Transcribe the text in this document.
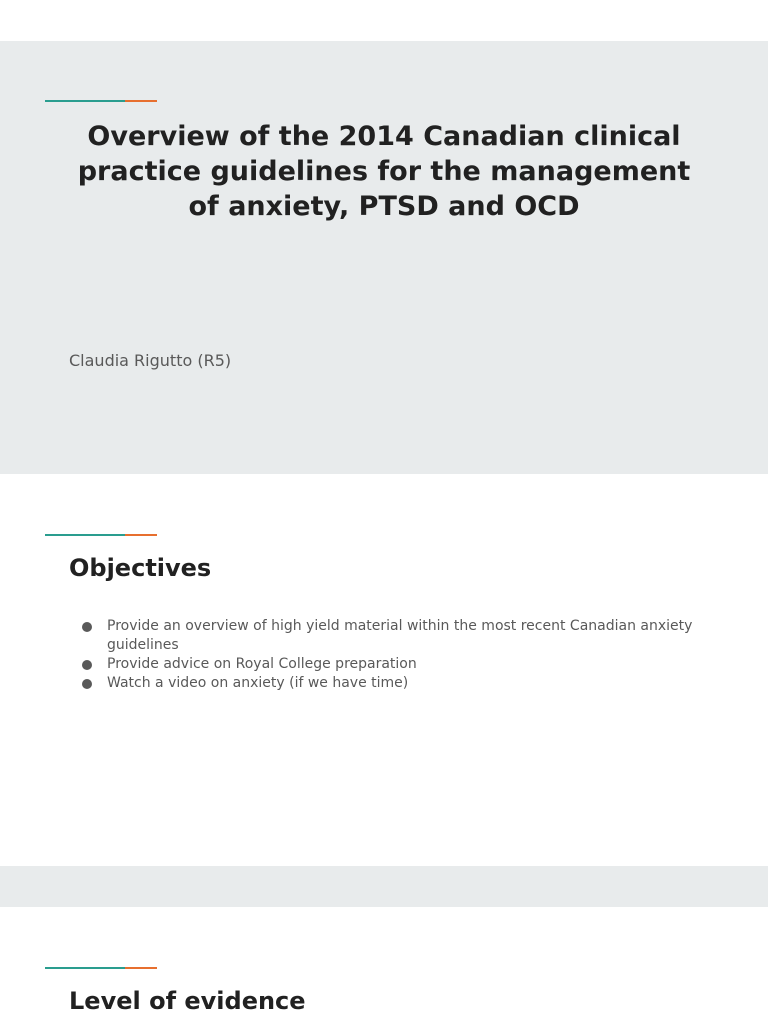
Overview of the 2014 Canadian clinical practice guidelines for the management of anxiety, PTSD and OCD

Claudia Rigutto (R5)

Objectives
Provide an overview of high yield material within the most recent Canadian anxiety guidelines
Provide advice on Royal College preparation
Watch a video on anxiety (if we have time)
Level of evidence
